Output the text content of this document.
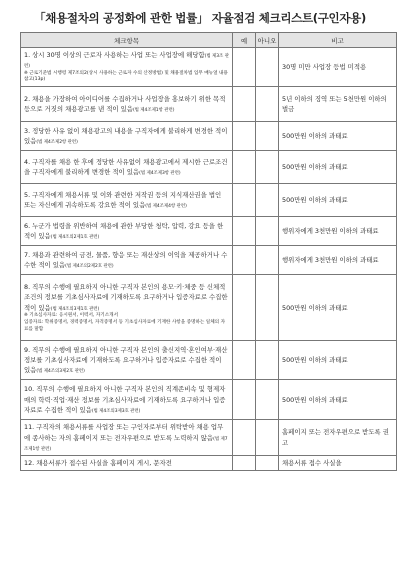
「채용절차의 공정화에 관한 법률」 자율점검 체크리스트(구인자용)
체크항목	예	아니오	비고
1. 상시 30명 이상의 근로자 사용하는 사업 또는 사업장에 해당함(법 제3조 관련)
※ 근로기준법 시행령 제7조의2(상시 사용하는 근로자 수의 산정방법) 및 채용절차법 업무 매뉴얼 내용 참고(13p)			30명 미만 사업장 등법 미적용
2. 채용을 가장하여 아이디어를 수집하거나 사업장을 홍보하기 위한 목적 등으로 거짓의 채용광고를 낸 적이 있음(법 제4조제1항 관련)			5년 이하의 징역 또는 5천만원 이하의 벌금
3. 정당한 사유 없이 채용광고의 내용을 구직자에게 불리하게 변경한 적이 있음(법 제4조제2항 관련)			500만원 이하의 과태료
4. 구직자를 채용 한 후에 정당한 사유없이 채용광고에서 제시한 근로조건을 구직자에게 불리하게 변경한 적이 있음(법 제4조제3항 관련)			500만원 이하의 과태료
5. 구직자에게 채용서류 및 이와 관련한 저작권 등의 지식재산권을 법인 또는 자신에게 귀속하도록 강요한 적이 있음(법 제4조제4항 관련)			500만원 이하의 과태료
6. 누군가 법령을 위반하여 채용에 관한 부당한 청탁, 압력, 강요 등을 한 적이 있음(법 제4조의2제1호 관련)			행위자에게 3천만원 이하의 과태료
7. 채용과 관련하여 금전, 물품, 향응 또는 재산상의 이익을 제공하거나 수수한 적이 있음(법 제4조의2제2호 관련)			행위자에게 3천만원 이하의 과태료
8. 직무의 수행에 필요하지 아니한 구직자 본인의 용모·키·체중 등 신체적 조건의 정보를 기초심사자료에 기재하도록 요구하거나 입증자료로 수집한 적이 있음(법 제4조의3제1호 관련)
※ 기초심사자료: 응시원서, 이력서, 자기소개서
입증자료: 학위증명서, 경력증명서, 자격증명서 등 기초심사자료에 기재한 사항을 증명하는 일체의 자료를 말함			500만원 이하의 과태료
9. 직무의 수행에 필요하지 아니한 구직자 본인의 출신지역·혼인여부·재산 정보를 기초심사자료에 기재하도록 요구하거나 입증자료로 수집한 적이 있음(법 제4조의3제2호 관련)			500만원 이하의 과태료
10. 직무의 수행에 필요하지 아니한 구직자 본인의 직계존비속 및 형제자매의 학력·직업·재산 정보를 기초심사자료에 기재하도록 요구하거나 입증자료로 수집한 적이 있음(법 제4조의3제3호 관련)			500만원 이하의 과태료
11. 구직자의 채용서류를 사업장 또는 구인자로부터 위탁받아 채용 업무에 종사하는 자의 홈페이지 또는 전자우편으로 받도록 노력하지 않음(법 제7조제1항 관련)			홈페이지 또는 전자우편으로 받도록 권고
12. 채용서류가 접수된 사실을 홈페이지 게시, 문자전			채용서류 접수 사실을
